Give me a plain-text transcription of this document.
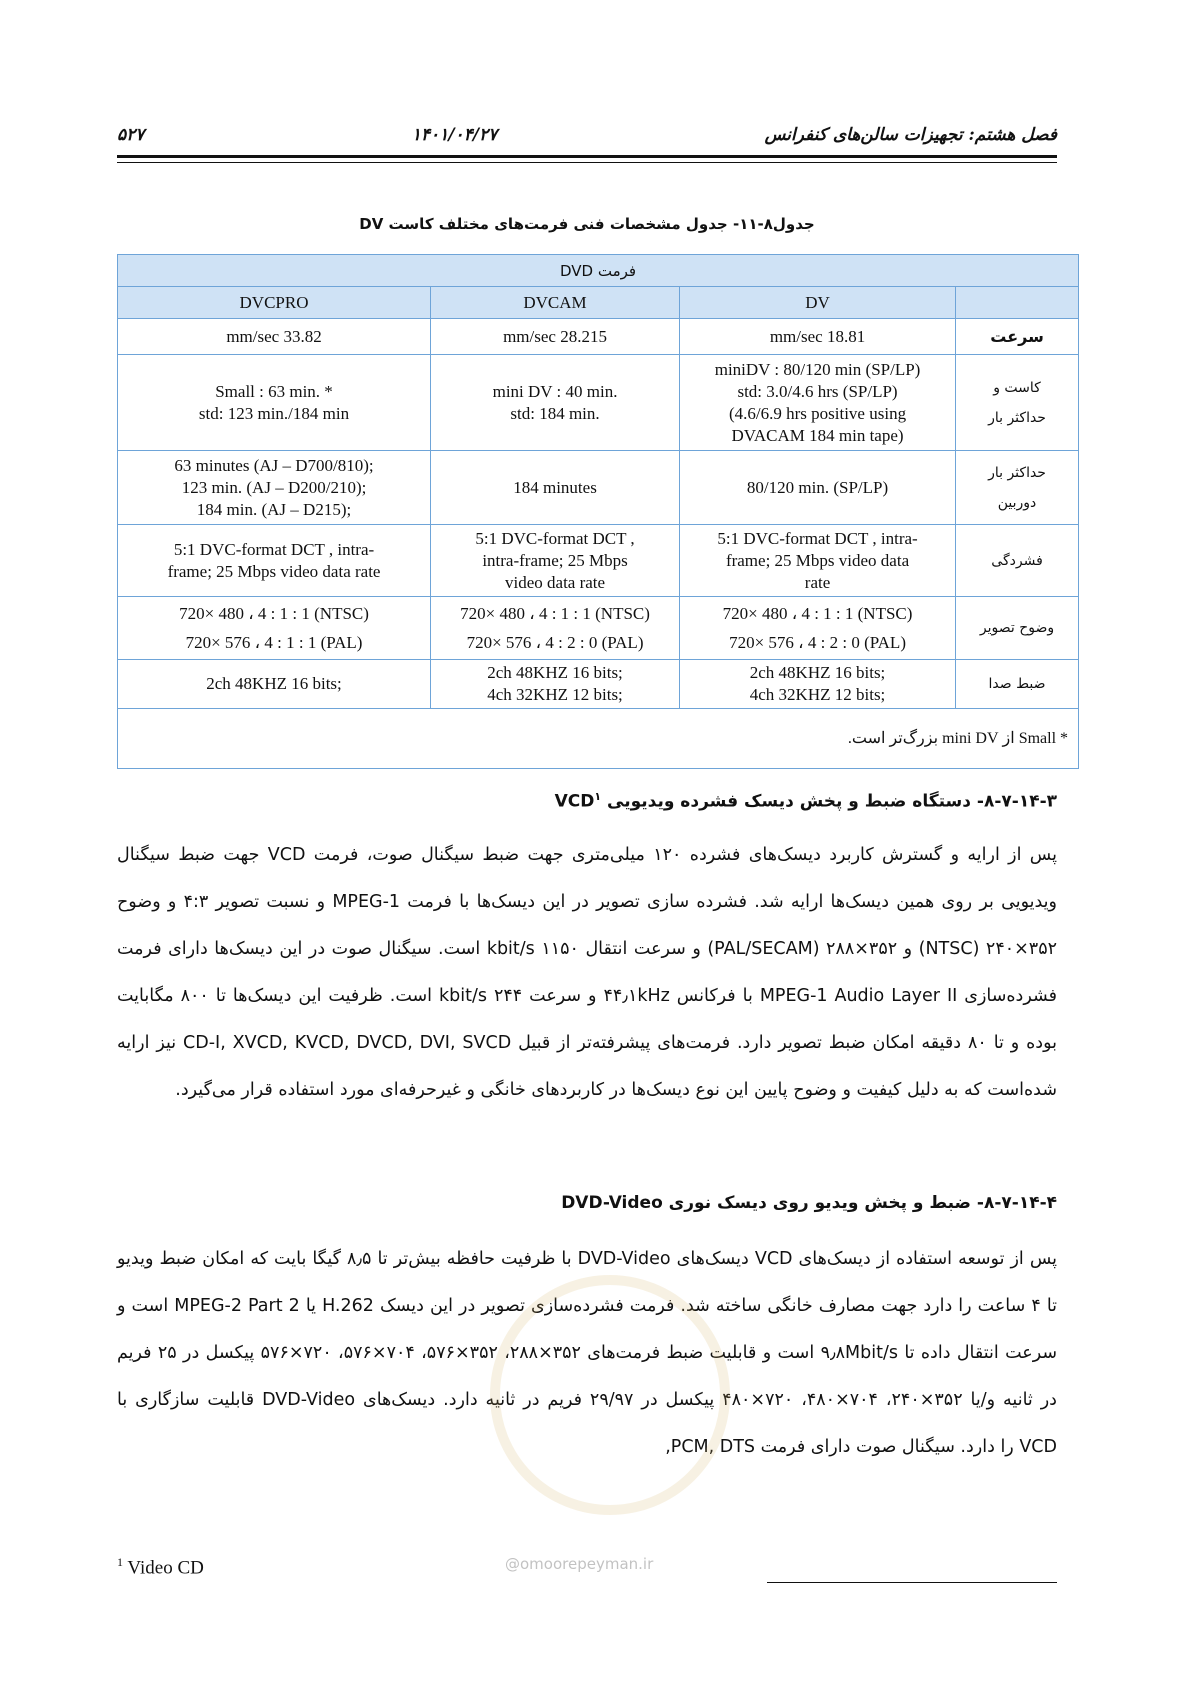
۵۲۷	۱۴۰۱/۰۴/۲۷	فصل هشتم: تجهیزات سالن‌های کنفرانس
جدول۸-۱۱- جدول مشخصات فنی فرمت‌های مختلف کاست DV
فرمت DVD			
	DV	DVCAM	DVCPRO
سرعت	18.81 mm/sec	28.215 mm/sec	33.82 mm/sec

کاست و
حداکثر بار	miniDV : 80/120 min (SP/LP)
std: 3.0/4.6 hrs (SP/LP)
(4.6/6.9 hrs positive using
DVACAM 184 min tape)	mini DV : 40 min.
std: 184 min.	Small : 63 min. *
std: 123 min./184 min

حداکثر بار
دوربین	80/120 min. (SP/LP)	184 minutes	63 minutes (AJ – D700/810);
123 min. (AJ – D200/210);
184 min. (AJ – D215);

فشردگی	5:1 DVC-format DCT , intra-
frame; 25 Mbps video data
rate	5:1 DVC-format DCT ,
intra-frame; 25 Mbps
video data rate	5:1 DVC-format DCT , intra-
frame; 25 Mbps video data rate

وضوح تصویر	720× 480 ، 4 : 1 : 1 (NTSC)
720× 576 ، 4 : 2 : 0 (PAL)	720× 480 ، 4 : 1 : 1 (NTSC)
720× 576 ، 4 : 2 : 0 (PAL)	720× 480 ، 4 : 1 : 1 (NTSC)
720× 576 ، 4 : 1 : 1 (PAL)

ضبط صدا	2ch 48KHZ 16 bits;
4ch 32KHZ 12 bits;	2ch 48KHZ 16 bits;
4ch 32KHZ 12 bits;	2ch 48KHZ 16 bits;

* Small از mini DV بزرگ‌تر است.			
۸-۷-۱۴-۳- دستگاه ضبط و پخش دیسک فشرده ویدیویی VCD$^۱$
پس از ارایه و گسترش کاربرد دیسک‌های فشرده ۱۲۰ میلی‌متری جهت ضبط سیگنال صوت، فرمت VCD جهت ضبط سیگنال ویدیویی بر روی همین دیسک‌ها ارایه شد. فشرده سازی تصویر در این دیسک‌ها با فرمت MPEG-1 و نسبت تصویر ۴:۳ و وضوح ۳۵۲×۲۴۰ (NTSC) و ۳۵۲×۲۸۸ (PAL/SECAM) و سرعت انتقال ۱۱۵۰ kbit/s است. سیگنال صوت در این دیسک‌ها دارای فرمت فشرده‌سازی MPEG-1 Audio Layer II با فرکانس ۴۴٫۱kHz و سرعت ۲۴۴ kbit/s است. ظرفیت این دیسک‌ها تا ۸۰۰ مگابایت بوده و تا ۸۰ دقیقه امکان ضبط تصویر دارد. فرمت‌های پیشرفته‌تر از قبیل CD-I, XVCD, KVCD, DVCD, DVI, SVCD نیز ارایه شده‌است که به دلیل کیفیت و وضوح پایین این نوع دیسک‌ها در کاربردهای خانگی و غیرحرفه‌ای مورد استفاده قرار می‌گیرد.
۸-۷-۱۴-۴- ضبط و پخش ویدیو روی دیسک نوری DVD-Video
پس از توسعه استفاده از دیسک‌های VCD دیسک‌های DVD-Video با ظرفیت حافظه بیش‌تر تا ۸٫۵ گیگا بایت که امکان ضبط ویدیو تا ۴ ساعت را دارد جهت مصارف خانگی ساخته شد. فرمت فشرده‌سازی تصویر در این دیسک H.262 یا MPEG-2 Part 2 است و سرعت انتقال داده تا ۹٫۸Mbit/s است و قابلیت ضبط فرمت‌های ۳۵۲×۲۸۸، ۳۵۲×۵۷۶، ۷۰۴×۵۷۶، ۷۲۰×۵۷۶ پیکسل در ۲۵ فریم در ثانیه و/یا ۳۵۲×۲۴۰، ۷۰۴×۴۸۰، ۷۲۰×۴۸۰ پیکسل در ۲۹/۹۷ فریم در ثانیه دارد. دیسک‌های DVD-Video قابلیت سازگاری با VCD را دارد. سیگنال صوت دارای فرمت PCM, DTS,
@omoorepeyman.ir
$^1$ Video CD
